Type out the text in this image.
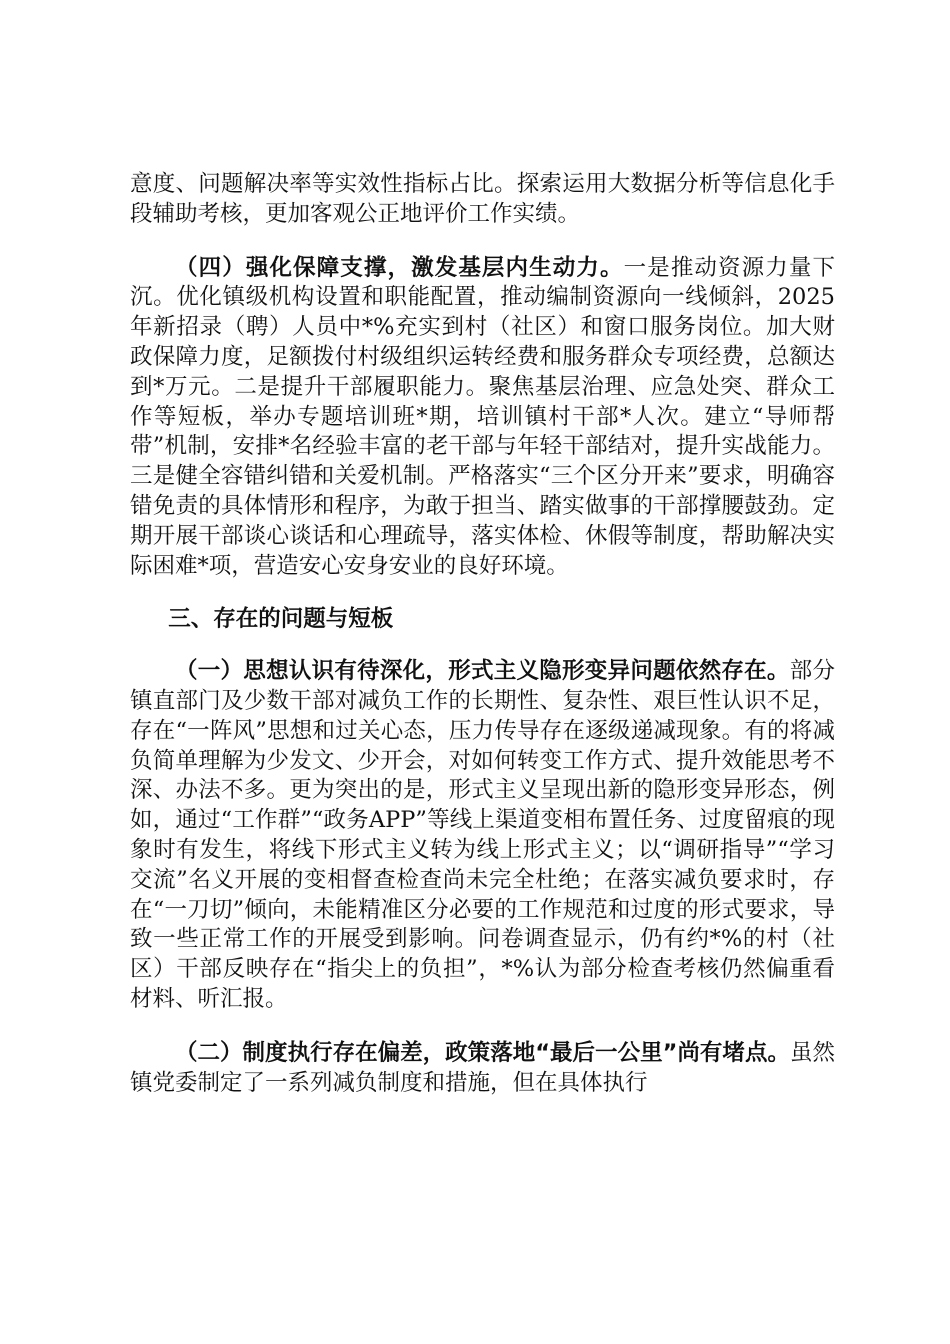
意度、问题解决率等实效性指标占比。探索运用大数据分析等信息化手段辅助考核，更加客观公正地评价工作实绩。

（四）强化保障支撑，激发基层内生动力。一是推动资源力量下沉。优化镇级机构设置和职能配置，推动编制资源向一线倾斜，2025年新招录（聘）人员中*%充实到村（社区）和窗口服务岗位。加大财政保障力度，足额拨付村级组织运转经费和服务群众专项经费，总额达到*万元。二是提升干部履职能力。聚焦基层治理、应急处突、群众工作等短板，举办专题培训班*期，培训镇村干部*人次。建立“导师帮带”机制，安排*名经验丰富的老干部与年轻干部结对，提升实战能力。三是健全容错纠错和关爱机制。严格落实“三个区分开来”要求，明确容错免责的具体情形和程序，为敢于担当、踏实做事的干部撑腰鼓劲。定期开展干部谈心谈话和心理疏导，落实体检、休假等制度，帮助解决实际困难*项，营造安心安身安业的良好环境。

三、存在的问题与短板

（一）思想认识有待深化，形式主义隐形变异问题依然存在。部分镇直部门及少数干部对减负工作的长期性、复杂性、艰巨性认识不足，存在“一阵风”思想和过关心态，压力传导存在逐级递减现象。有的将减负简单理解为少发文、少开会，对如何转变工作方式、提升效能思考不深、办法不多。更为突出的是，形式主义呈现出新的隐形变异形态，例如，通过“工作群”“政务APP”等线上渠道变相布置任务、过度留痕的现象时有发生，将线下形式主义转为线上形式主义；以“调研指导”“学习交流”名义开展的变相督查检查尚未完全杜绝；在落实减负要求时，存在“一刀切”倾向，未能精准区分必要的工作规范和过度的形式要求，导致一些正常工作的开展受到影响。问卷调查显示，仍有约*%的村（社区）干部反映存在“指尖上的负担”，*%认为部分检查考核仍然偏重看材料、听汇报。

（二）制度执行存在偏差，政策落地“最后一公里”尚有堵点。虽然镇党委制定了一系列减负制度和措施，但在具体执行
